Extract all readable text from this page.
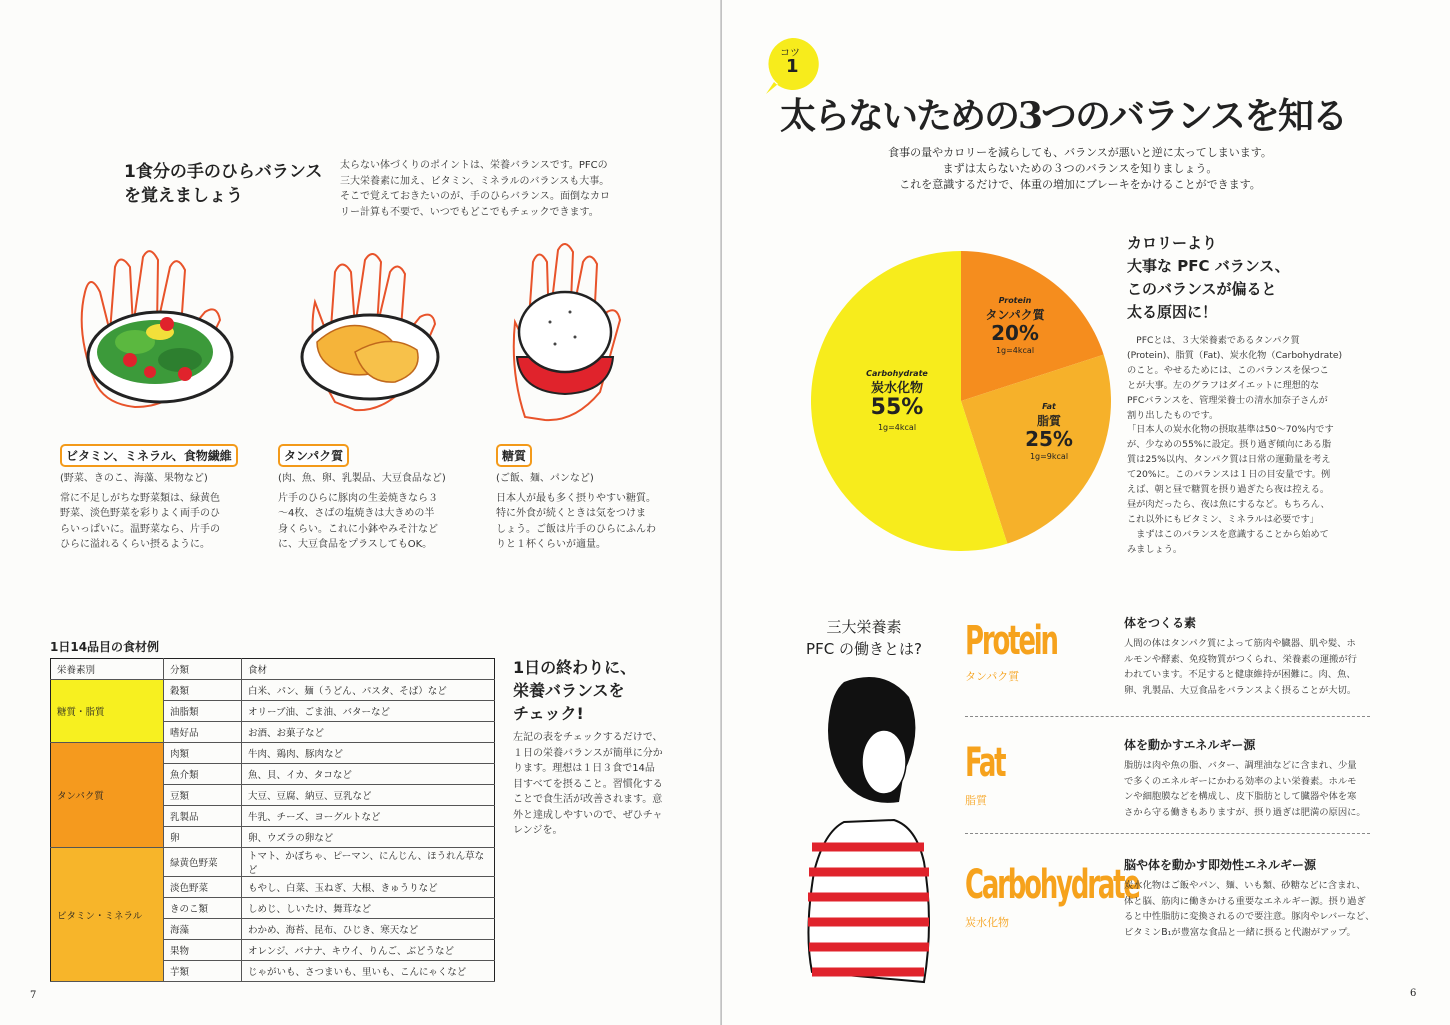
1食分の手のひらバランス
を覚えましょう
太らない体づくりのポイントは、栄養バランスです。PFCの
三大栄養素に加え、ビタミン、ミネラルのバランスも大事。
そこで覚えておきたいのが、手のひらバランス。面倒なカロ
リー計算も不要で、いつでもどこでもチェックできます。
ビタミン、ミネラル、食物繊維
(野菜、きのこ、海藻、果物など)
常に不足しがちな野菜類は、緑黄色
野菜、淡色野菜を彩りよく両手のひ
らいっぱいに。温野菜なら、片手の
ひらに溢れるくらい摂るように。
タンパク質
(肉、魚、卵、乳製品、大豆食品など)
片手のひらに豚肉の生姜焼きなら３
～4枚、さばの塩焼きは大きめの半
身くらい。これに小鉢やみそ汁など
に、大豆食品をプラスしてもOK。
糖質
(ご飯、麺、パンなど)
日本人が最も多く摂りやすい糖質。
特に外食が続くときは気をつけま
しょう。ご飯は片手のひらにふんわ
りと１杯くらいが適量。
1日14品目の食材例
栄養素別	分類	食材
糖質・脂質	穀類	白米、パン、麺（うどん、パスタ、そば）など
	油脂類	オリーブ油、ごま油、バターなど
	嗜好品	お酒、お菓子など
タンパク質	肉類	牛肉、鶏肉、豚肉など
	魚介類	魚、貝、イカ、タコなど
	豆類	大豆、豆腐、納豆、豆乳など
	乳製品	牛乳、チーズ、ヨーグルトなど
	卵	卵、ウズラの卵など
ビタミン・ミネラル	緑黄色野菜	トマト、かぼちゃ、ピーマン、にんじん、ほうれん草など
	淡色野菜	もやし、白菜、玉ねぎ、大根、きゅうりなど
	きのこ類	しめじ、しいたけ、舞茸など
	海藻	わかめ、海苔、昆布、ひじき、寒天など
	果物	オレンジ、バナナ、キウイ、りんご、ぶどうなど
	芋類	じゃがいも、さつまいも、里いも、こんにゃくなど
1日の終わりに、
栄養バランスを
チェック!
左記の表をチェックするだけで、
１日の栄養バランスが簡単に分か
ります。理想は１日３食で14品
目すべてを摂ること。習慣化する
ことで食生活が改善されます。意
外と達成しやすいので、ぜひチャ
レンジを。
7
コツ
1
太らないための3つのバランスを知る
食事の量やカロリーを減らしても、バランスが悪いと逆に太ってしまいます。
まずは太らないための３つのバランスを知りましょう。
これを意識するだけで、体重の増加にブレーキをかけることができます。
Protein
タンパク質
20%
1g=4kcal
Fat
脂質
25%
1g=9kcal
Carbohydrate
炭水化物
55%
1g=4kcal
カロリーより
大事な PFC バランス、
このバランスが偏ると
太る原因に！
　PFCとは、３大栄養素であるタンパク質
(Protein)、脂質（Fat)、炭水化物（Carbohydrate)
のこと。やせるためには、このバランスを保つこ
とが大事。左のグラフはダイエットに理想的な
PFCバランスを、管理栄養士の清水加奈子さんが
割り出したものです。
「日本人の炭水化物の摂取基準は50〜70%内です
が、少なめの55%に設定。摂り過ぎ傾向にある脂
質は25%以内、タンパク質は日常の運動量を考え
て20%に。このバランスは１日の目安量です。例
えば、朝と昼で糖質を摂り過ぎたら夜は控える。
昼が肉だったら、夜は魚にするなど。もちろん、
これ以外にもビタミン、ミネラルは必要です」
　まずはこのバランスを意識することから始めて
みましょう。
三大栄養素
PFC の働きとは?	Protein
タンパク質
体をつくる素
人間の体はタンパク質によって筋肉や臓器、肌や髪、ホ
ルモンや酵素、免疫物質がつくられ、栄養素の運搬が行
われています。不足すると健康維持が困難に。肉、魚、
卵、乳製品、大豆食品をバランスよく摂ることが大切。
Fat
脂質
体を動かすエネルギー源
脂肪は肉や魚の脂、バター、調理油などに含まれ、少量
で多くのエネルギーにかわる効率のよい栄養素。ホルモ
ンや細胞膜などを構成し、皮下脂肪として臓器や体を寒
さから守る働きもありますが、摂り過ぎは肥満の原因に。
Carbohydrate
炭水化物
脳や体を動かす即効性エネルギー源
炭水化物はご飯やパン、麺、いも類、砂糖などに含まれ、
体と脳、筋肉に働きかける重要なエネルギー源。摂り過ぎ
ると中性脂肪に変換されるので要注意。豚肉やレバーなど、
ビタミンB₁が豊富な食品と一緒に摂ると代謝がアップ。
6
